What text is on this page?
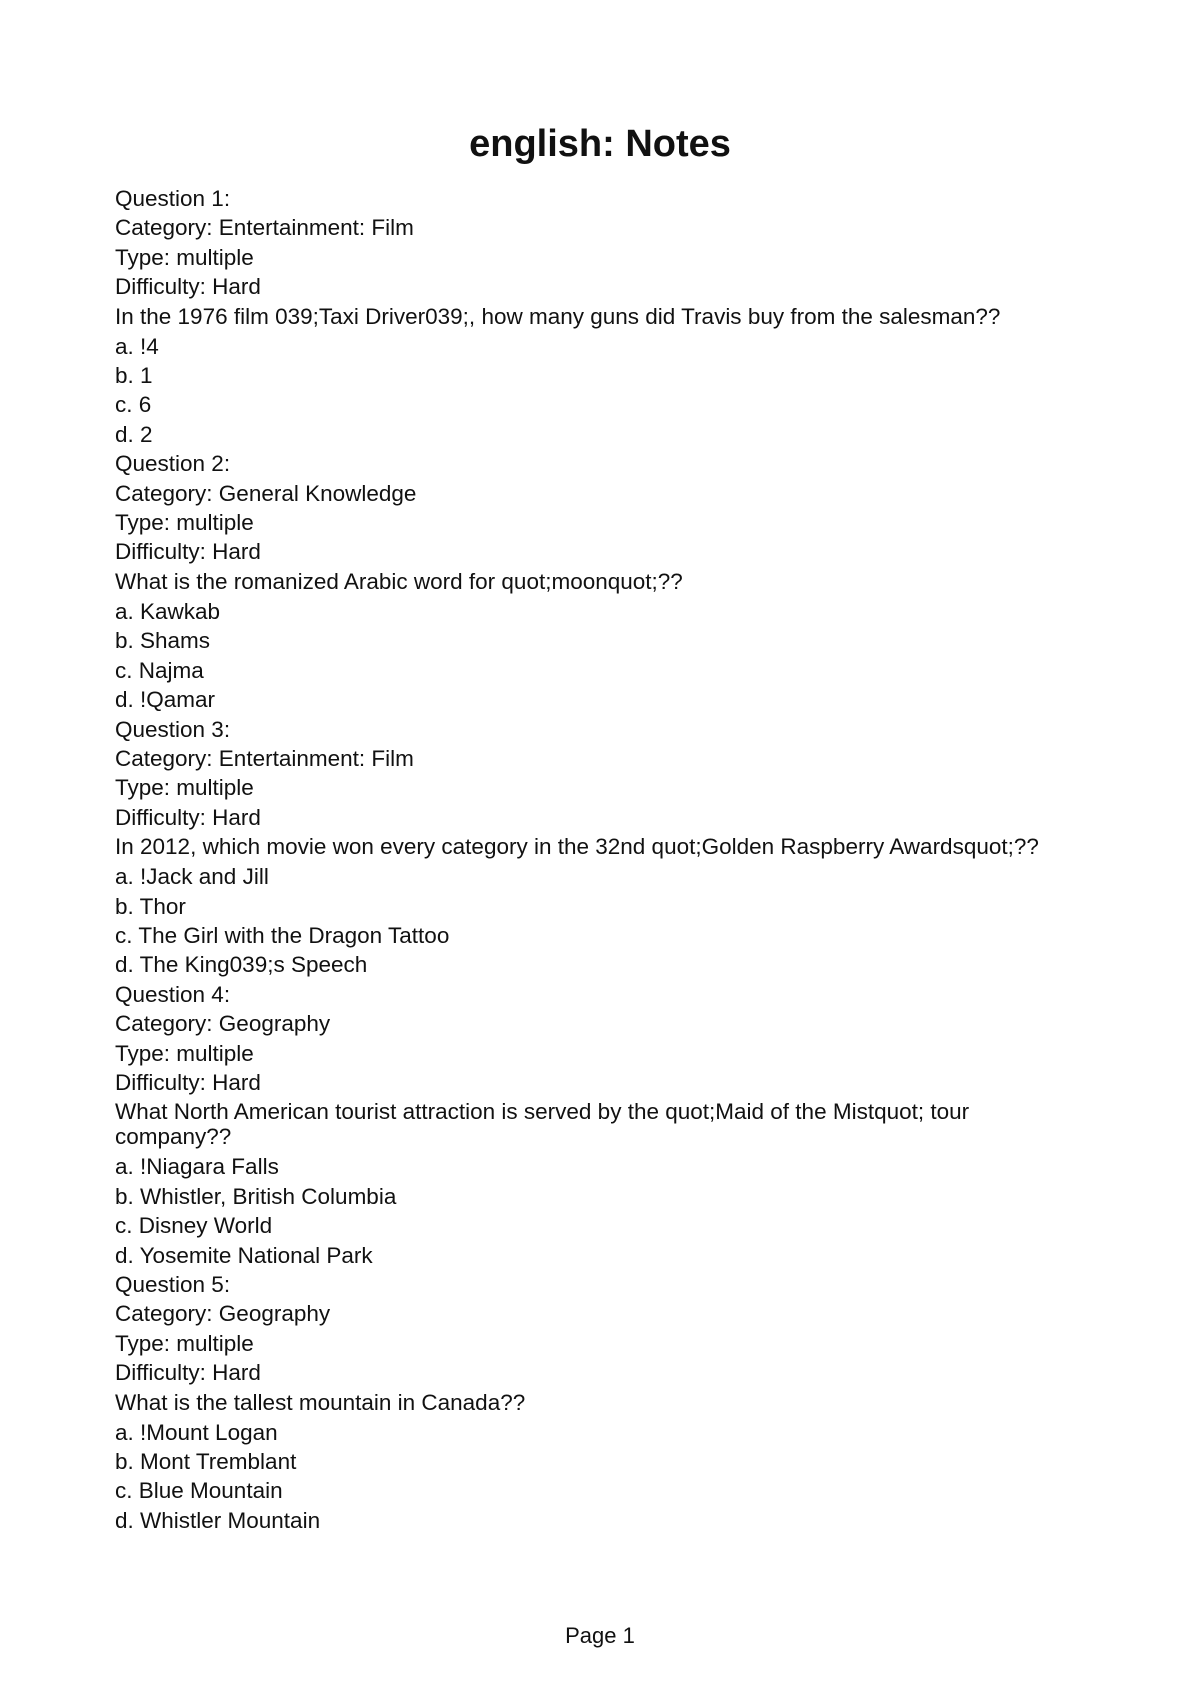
english: Notes
Question 1:
Category: Entertainment: Film
Type: multiple
Difficulty: Hard
In the 1976 film 039;Taxi Driver039;, how many guns did Travis buy from the salesman??
a. !4
b. 1
c. 6
d. 2
Question 2:
Category: General Knowledge
Type: multiple
Difficulty: Hard
What is the romanized Arabic word for quot;moonquot;??
a. Kawkab
b. Shams
c. Najma
d. !Qamar
Question 3:
Category: Entertainment: Film
Type: multiple
Difficulty: Hard
In 2012, which movie won every category in the 32nd quot;Golden Raspberry Awardsquot;??
a. !Jack and Jill
b. Thor
c. The Girl with the Dragon Tattoo
d. The King039;s Speech
Question 4:
Category: Geography
Type: multiple
Difficulty: Hard
What North American tourist attraction is served by the quot;Maid of the Mistquot; tour company??
a. !Niagara Falls
b. Whistler, British Columbia
c. Disney World
d. Yosemite National Park
Question 5:
Category: Geography
Type: multiple
Difficulty: Hard
What is the tallest mountain in Canada??
a. !Mount Logan
b. Mont Tremblant
c. Blue Mountain
d. Whistler Mountain
Page 1
